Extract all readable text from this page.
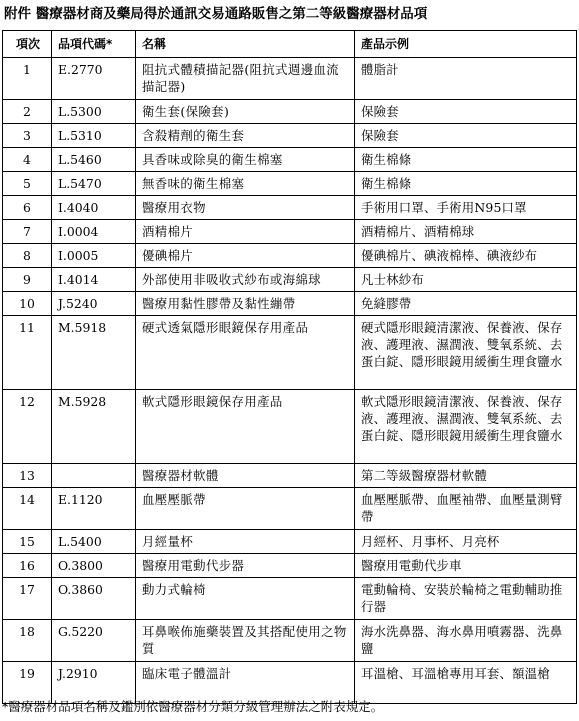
附件 醫療器材商及藥局得於通訊交易通路販售之第二等級醫療器材品項
項次	品項代碼*	名稱	產品示例
1	E.2770	阻抗式體積描記器(阻抗式週邊血流描記器)	體脂計
2	L.5300	衛生套(保險套)	保險套
3	L.5310	含殺精劑的衛生套	保險套
4	L.5460	具香味或除臭的衛生棉塞	衛生棉條
5	L.5470	無香味的衛生棉塞	衛生棉條
6	I.4040	醫療用衣物	手術用口罩、手術用N95口罩
7	I.0004	酒精棉片	酒精棉片、酒精棉球
8	I.0005	優碘棉片	優碘棉片、碘液棉棒、碘液紗布
9	I.4014	外部使用非吸收式紗布或海綿球	凡士林紗布
10	J.5240	醫療用黏性膠帶及黏性繃帶	免縫膠帶
11	M.5918	硬式透氣隱形眼鏡保存用產品	硬式隱形眼鏡清潔液、保養液、保存液、護理液、濕潤液、雙氧系統、去蛋白錠、隱形眼鏡用緩衝生理食鹽水
12	M.5928	軟式隱形眼鏡保存用產品	軟式隱形眼鏡清潔液、保養液、保存液、護理液、濕潤液、雙氧系統、去蛋白錠、隱形眼鏡用緩衝生理食鹽水
13		醫療器材軟體	第二等級醫療器材軟體
14	E.1120	血壓壓脈帶	血壓壓脈帶、血壓袖帶、血壓量測臂帶
15	L.5400	月經量杯	月經杯、月事杯、月亮杯
16	O.3800	醫療用電動代步器	醫療用電動代步車
17	O.3860	動力式輪椅	電動輪椅、安裝於輪椅之電動輔助推行器
18	G.5220	耳鼻喉佈施藥裝置及其搭配使用之物質	海水洗鼻器、海水鼻用噴霧器、洗鼻鹽
19	J.2910	臨床電子體溫計	耳溫槍、耳溫槍專用耳套、額溫槍
*醫療器材品項名稱及鑑別依醫療器材分類分級管理辦法之附表規定。
